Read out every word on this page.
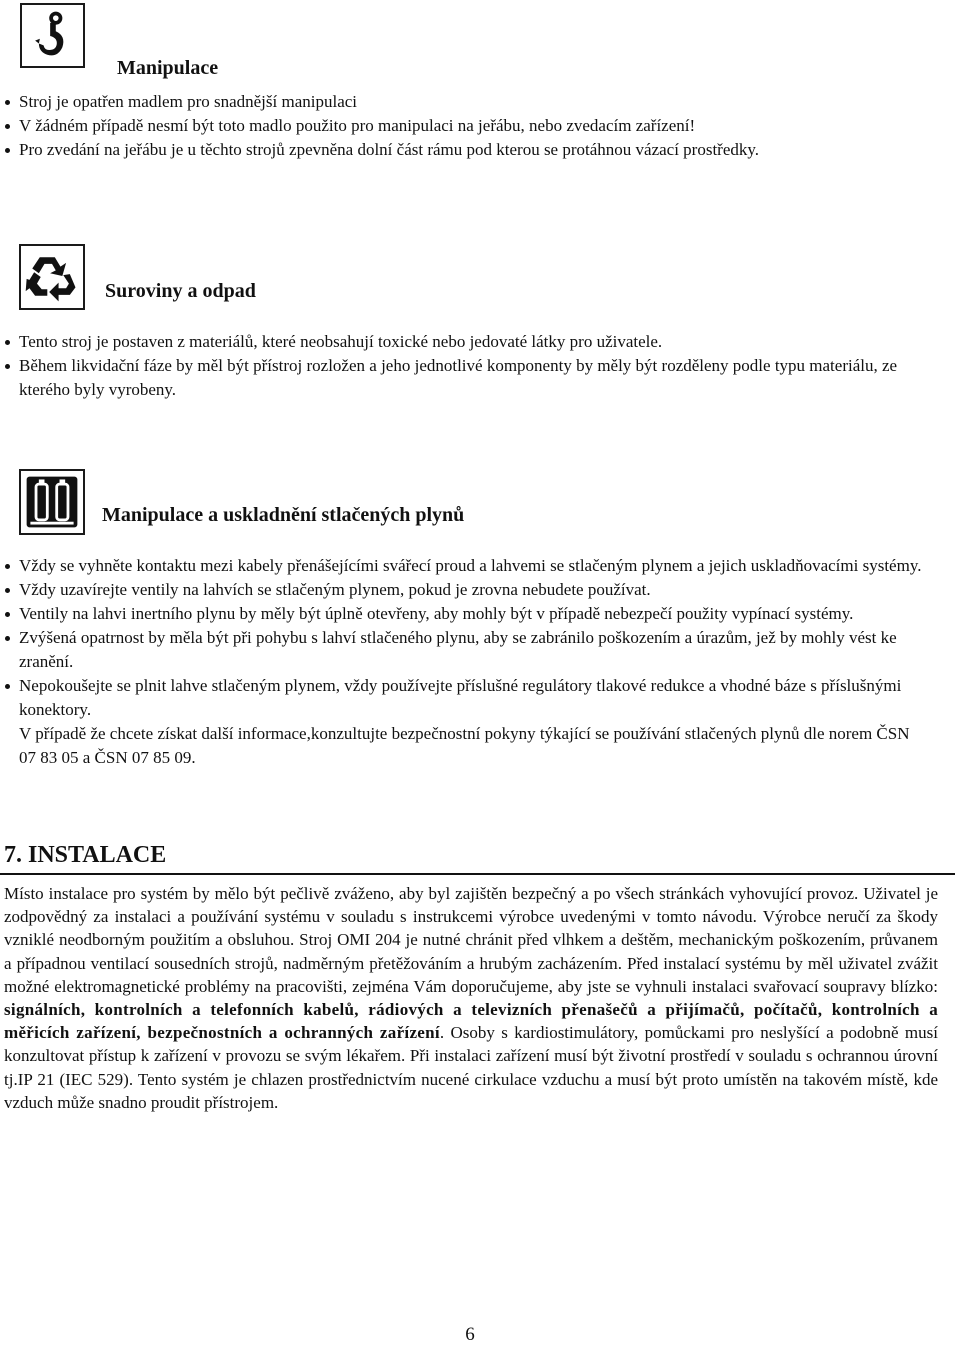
Manipulace
Stroj je opatřen madlem pro snadnější manipulaci
V žádném případě nesmí být toto madlo použito pro manipulaci na jeřábu, nebo zvedacím zařízení!
Pro zvedání na jeřábu je u těchto strojů zpevněna dolní část rámu pod kterou se protáhnou vázací prostředky.
Suroviny a odpad
Tento stroj je postaven z materiálů, které neobsahují toxické nebo jedovaté látky pro uživatele.
Během likvidační fáze by měl být přístroj rozložen a jeho jednotlivé komponenty by měly být rozděleny podle typu materiálu, ze kterého byly vyrobeny.
Manipulace a uskladnění stlačených plynů
Vždy se vyhněte kontaktu mezi kabely přenášejícími svářecí proud a lahvemi se stlačeným plynem a jejich uskladňovacími systémy.
Vždy uzavírejte ventily na lahvích se stlačeným plynem, pokud je zrovna nebudete používat.
Ventily na lahvi inertního plynu by měly být úplně otevřeny, aby mohly být v případě nebezpečí použity vypínací systémy.
Zvýšená opatrnost by měla být při pohybu s lahví stlačeného plynu, aby se zabránilo poškozením a úrazům, jež by mohly vést ke zranění.
Nepokoušejte se plnit lahve stlačeným plynem, vždy používejte příslušné regulátory tlakové redukce a vhodné báze s příslušnými konektory.
V případě že chcete získat další informace,konzultujte bezpečnostní pokyny týkající se používání stlačených plynů dle norem ČSN 07 83 05 a ČSN 07 85 09.
7. INSTALACE

Místo instalace pro systém by mělo být pečlivě zváženo, aby byl zajištěn bezpečný a po všech stránkách vyhovující provoz. Uživatel je zodpovědný za instalaci a používání systému v souladu s instrukcemi výrobce uvedenými v tomto návodu. Výrobce neručí za škody vzniklé neodborným použitím a obsluhou. Stroj OMI 204 je nutné chránit před vlhkem a deštěm, mechanickým poškozením, průvanem a případnou ventilací sousedních strojů, nadměrným přetěžováním a hrubým zacházením. Před instalací systému by měl uživatel zvážit možné elektromagnetické problémy na pracovišti, zejména Vám doporučujeme, aby jste se vyhnuli instalaci svařovací soupravy blízko: signálních, kontrolních a telefonních kabelů, rádiových a televizních přenašečů a přijímačů, počítačů, kontrolních a měřicích zařízení, bezpečnostních a ochranných zařízení. Osoby s kardiostimulátory, pomůckami pro neslyšící a podobně musí konzultovat přístup k zařízení v provozu se svým lékařem. Při instalaci zařízení musí být životní prostředí v souladu s ochrannou úrovní tj.IP 21 (IEC 529). Tento systém je chlazen prostřednictvím nucené cirkulace vzduchu a musí být proto umístěn na takovém místě, kde vzduch může snadno proudit přístrojem.

6
